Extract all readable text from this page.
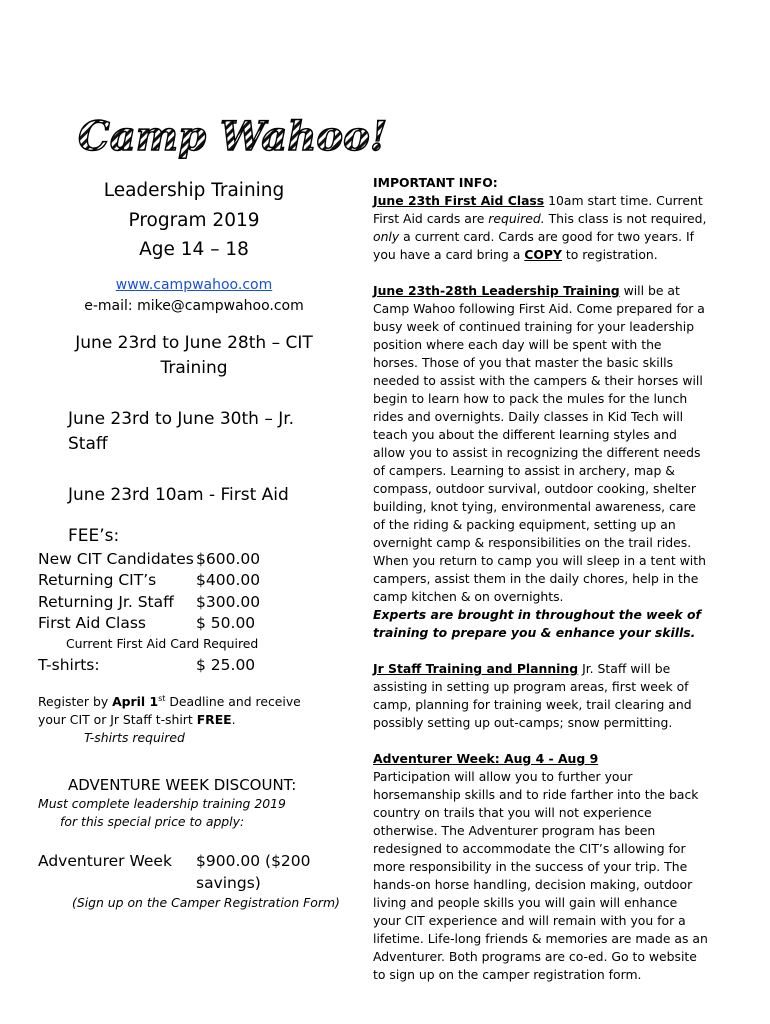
Camp Wahoo!
Leadership Training
Program 2019
Age 14 – 18
www.campwahoo.com
e-mail: mike@campwahoo.com
June 23rd to June 28th – CIT
Training
June 23rd to June 30th – Jr.
Staff
June 23rd 10am - First Aid
FEE’s:
New CIT Candidates $600.00
Returning CIT’s	$400.00
Returning Jr. Staff	$300.00
First Aid Class	$ 50.00
Current First Aid Card Required
T-shirts:	$ 25.00

Register by April 1st Deadline and receive your CIT or Jr Staff t-shirt FREE.

T-shirts required
ADVENTURE WEEK DISCOUNT:
Must complete leadership training 2019
for this special price to apply:
Adventurer Week	$900.00 ($200
savings)
(Sign up on the Camper Registration Form)
IMPORTANT INFO:

June 23th First Aid Class 10am start time. Current First Aid cards are required. This class is not required, only a current card. Cards are good for two years. If you have a card bring a COPY to registration.

June 23th-28th Leadership Training will be at Camp Wahoo following First Aid. Come prepared for a busy week of continued training for your leadership position where each day will be spent with the horses. Those of you that master the basic skills needed to assist with the campers & their horses will begin to learn how to pack the mules for the lunch rides and overnights. Daily classes in Kid Tech will teach you about the different learning styles and allow you to assist in recognizing the different needs of campers. Learning to assist in archery, map & compass, outdoor survival, outdoor cooking, shelter building, knot tying, environmental awareness, care of the riding & packing equipment, setting up an overnight camp & responsibilities on the trail rides. When you return to camp you will sleep in a tent with campers, assist them in the daily chores, help in the camp kitchen & on overnights.

Experts are brought in throughout the week of training to prepare you & enhance your skills.

Jr Staff Training and Planning Jr. Staff will be assisting in setting up program areas, first week of camp, planning for training week, trail clearing and possibly setting up out-camps; snow permitting.

Adventurer Week: Aug 4 - Aug 9

Participation will allow you to further your horsemanship skills and to ride farther into the back country on trails that you will not experience otherwise. The Adventurer program has been redesigned to accommodate the CIT’s allowing for more responsibility in the success of your trip. The hands-on horse handling, decision making, outdoor living and people skills you will gain will enhance your CIT experience and will remain with you for a lifetime. Life-long friends & memories are made as an Adventurer. Both programs are co-ed. Go to website to sign up on the camper registration form.
